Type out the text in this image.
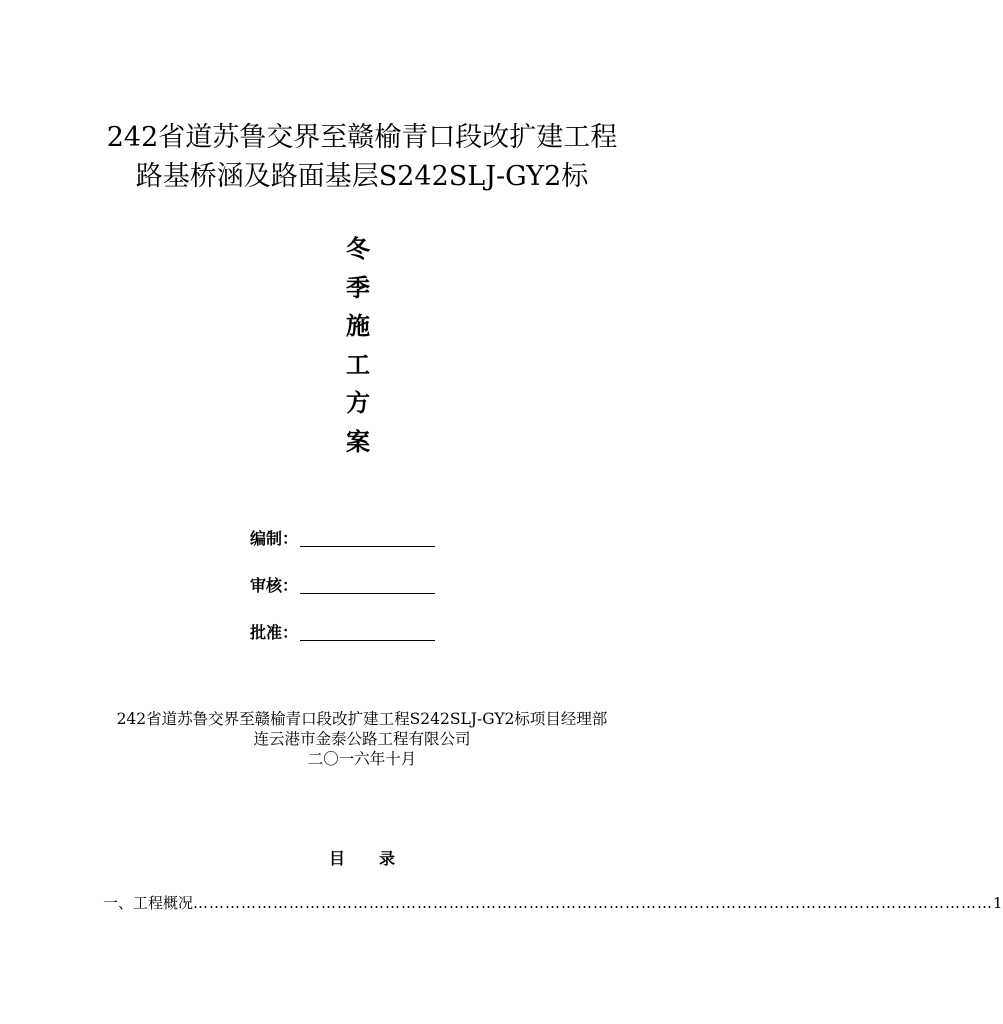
242省道苏鲁交界至赣榆青口段改扩建工程
路基桥涵及路面基层S242SLJ-GY2标
冬
季
施
工
方
案
编制：
审核：
批准：
242省道苏鲁交界至赣榆青口段改扩建工程S242SLJ-GY2标项目经理部
连云港市金泰公路工程有限公司
二〇一六年十月
目 录
一、工程概况 …………………………………………………………………………………………………………………………………… 1
